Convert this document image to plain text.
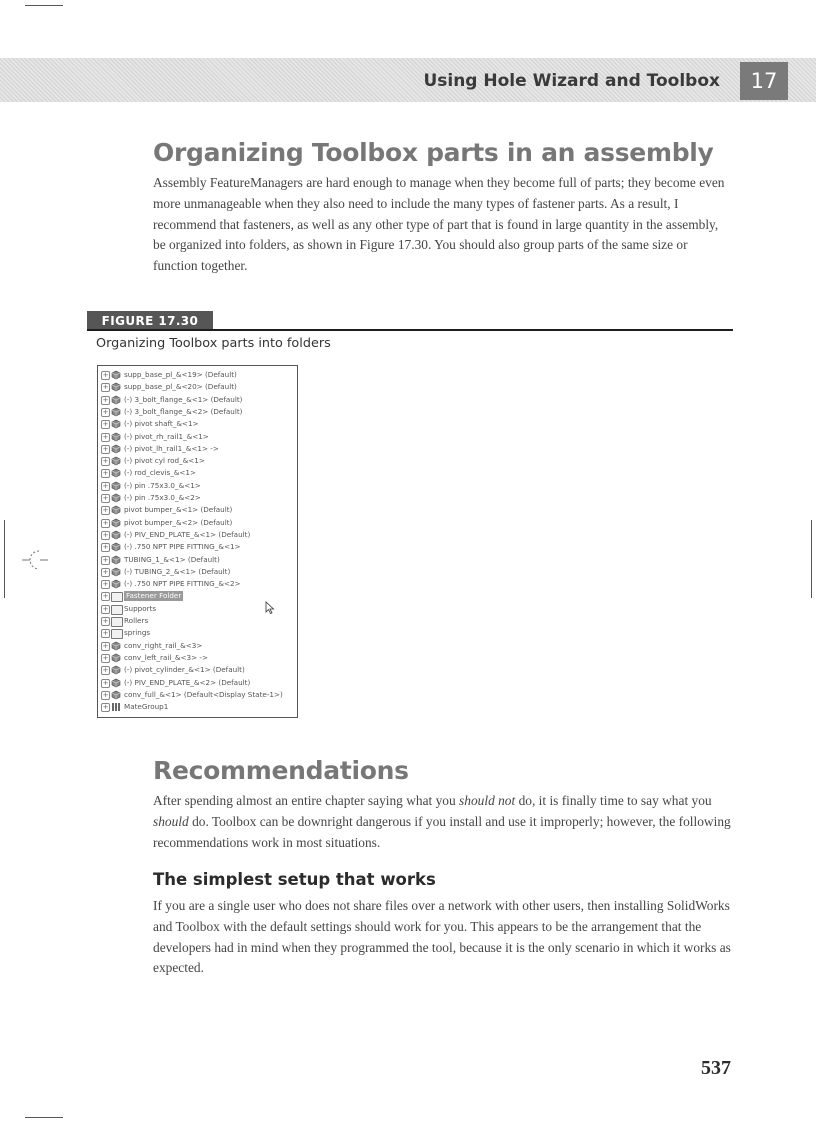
Using Hole Wizard and Toolbox	17
Organizing Toolbox parts in an assembly

Assembly FeatureManagers are hard enough to manage when they become full of parts; they become even more unmanageable when they also need to include the many types of fastener parts. As a result, I recommend that fasteners, as well as any other type of part that is found in large quantity in the assembly, be organized into folders, as shown in Figure 17.30. You should also group parts of the same size or function together.

FIGURE 17.30
Organizing Toolbox parts into folders
+ supp_base_pl_&<19> (Default)
+ supp_base_pl_&<20> (Default)
+ (-) 3_bolt_flange_&<1> (Default)
+ (-) 3_bolt_flange_&<2> (Default)
+ (-) pivot shaft_&<1>
+ (-) pivot_rh_rail1_&<1>
+ (-) pivot_lh_rail1_&<1> ->
+ (-) pivot cyl rod_&<1>
+ (-) rod_clevis_&<1>
+ (-) pin .75x3.0_&<1>
+ (-) pin .75x3.0_&<2>
+ pivot bumper_&<1> (Default)
+ pivot bumper_&<2> (Default)
+ (-) PIV_END_PLATE_&<1> (Default)
+ (-) .750 NPT PIPE FITTING_&<1>
+ TUBING_1_&<1> (Default)
+ (-) TUBING_2_&<1> (Default)
+ (-) .750 NPT PIPE FITTING_&<2>
+ Fastener Folder
+ Supports
+ Rollers
+ springs
+ conv_right_rail_&<3>
+ conv_left_rail_&<3> ->
+ (-) pivot_cylinder_&<1> (Default)
+ (-) PIV_END_PLATE_&<2> (Default)
+ conv_full_&<1> (Default<Display State-1>)
+ MateGroup1
Recommendations

After spending almost an entire chapter saying what you should not do, it is finally time to say what you should do. Toolbox can be downright dangerous if you install and use it improperly; however, the following recommendations work in most situations.

The simplest setup that works

If you are a single user who does not share files over a network with other users, then installing SolidWorks and Toolbox with the default settings should work for you. This appears to be the arrangement that the developers had in mind when they programmed the tool, because it is the only scenario in which it works as expected.

537
